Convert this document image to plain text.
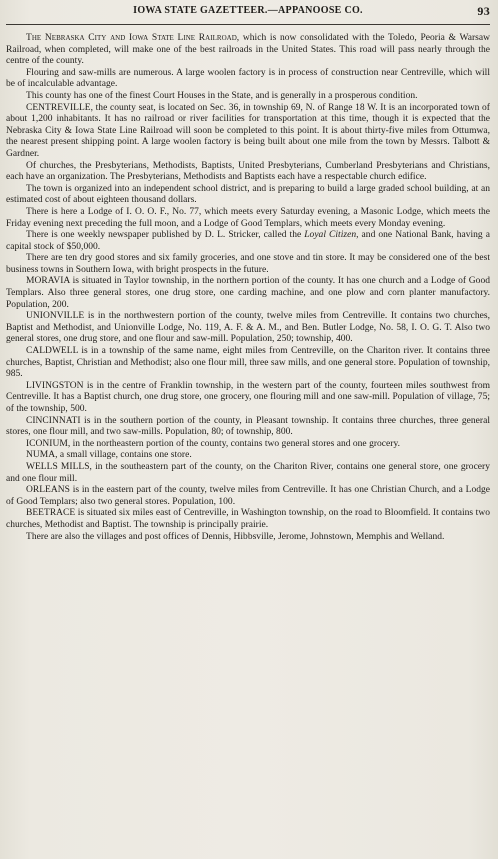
IOWA STATE GAZETTEER.—APPANOOSE CO.	93

The Nebraska City and Iowa State Line Railroad, which is now consolidated with the Toledo, Peoria & Warsaw Railroad, when completed, will make one of the best railroads in the United States. This road will pass nearly through the centre of the county.

Flouring and saw-mills are numerous. A large woolen factory is in process of construction near Centreville, which will be of incalculable advantage.

This county has one of the finest Court Houses in the State, and is generally in a prosperous condition.

CENTREVILLE, the county seat, is located on Sec. 36, in township 69, N. of Range 18 W. It is an incorporated town of about 1,200 inhabitants. It has no railroad or river facilities for transportation at this time, though it is expected that the Nebraska City & Iowa State Line Railroad will soon be completed to this point. It is about thirty-five miles from Ottumwa, the nearest present shipping point. A large woolen factory is being built about one mile from the town by Messrs. Talbott & Gardner.

Of churches, the Presbyterians, Methodists, Baptists, United Presbyterians, Cumberland Presbyterians and Christians, each have an organization. The Presbyterians, Methodists and Baptists each have a respectable church edifice.

The town is organized into an independent school district, and is preparing to build a large graded school building, at an estimated cost of about eighteen thousand dollars.

There is here a Lodge of I. O. O. F., No. 77, which meets every Saturday evening, a Masonic Lodge, which meets the Friday evening next preceding the full moon, and a Lodge of Good Templars, which meets every Monday evening.

There is one weekly newspaper published by D. L. Stricker, called the Loyal Citizen, and one National Bank, having a capital stock of $50,000.

There are ten dry good stores and six family groceries, and one stove and tin store. It may be considered one of the best business towns in Southern Iowa, with bright prospects in the future.

MORAVIA is situated in Taylor township, in the northern portion of the county. It has one church and a Lodge of Good Templars. Also three general stores, one drug store, one carding machine, and one plow and corn planter manufactory. Population, 200.

UNIONVILLE is in the northwestern portion of the county, twelve miles from Centreville. It contains two churches, Baptist and Methodist, and Unionville Lodge, No. 119, A. F. & A. M., and Ben. Butler Lodge, No. 58, I. O. G. T. Also two general stores, one drug store, and one flour and saw-mill. Population, 250; township, 400.

CALDWELL is in a township of the same name, eight miles from Centreville, on the Chariton river. It contains three churches, Baptist, Christian and Methodist; also one flour mill, three saw mills, and one general store. Population of township, 985.

LIVINGSTON is in the centre of Franklin township, in the western part of the county, fourteen miles southwest from Centreville. It has a Baptist church, one drug store, one grocery, one flouring mill and one saw-mill. Population of village, 75; of the township, 500.

CINCINNATI is in the southern portion of the county, in Pleasant township. It contains three churches, three general stores, one flour mill, and two saw-mills. Population, 80; of township, 800.

ICONIUM, in the northeastern portion of the county, contains two general stores and one grocery.

NUMA, a small village, contains one store.

WELLS MILLS, in the southeastern part of the county, on the Chariton River, contains one general store, one grocery and one flour mill.

ORLEANS is in the eastern part of the county, twelve miles from Centreville. It has one Christian Church, and a Lodge of Good Templars; also two general stores. Population, 100.

BEETRACE is situated six miles east of Centreville, in Washington township, on the road to Bloomfield. It contains two churches, Methodist and Baptist. The township is principally prairie.

There are also the villages and post offices of Dennis, Hibbsville, Jerome, Johnstown, Memphis and Welland.
